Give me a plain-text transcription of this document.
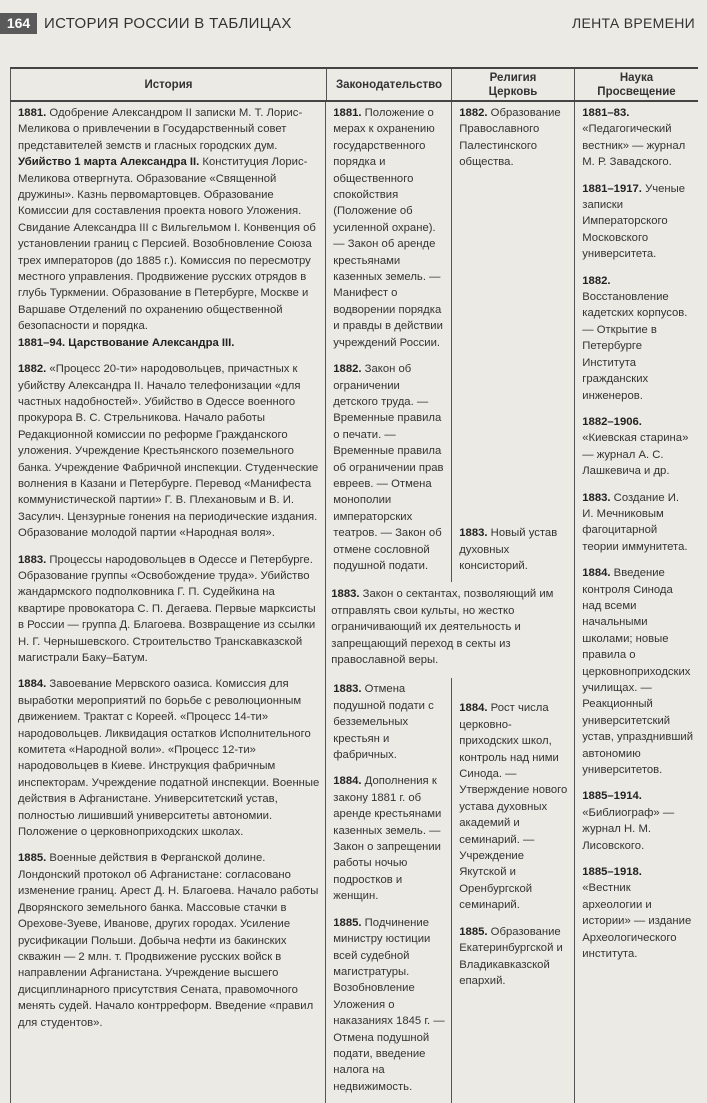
164 ИСТОРИЯ РОССИИ В ТАБЛИЦАХ	ЛЕНТА ВРЕМЕНИ
История	Законодательство
Религия
Церковь
Наука
Просвещение
1881. Одобрение Александром II записки М. Т. Лорис-Меликова о привлечении в Государственный совет представителей земств и гласных городских дум. Убийство 1 марта Александра II. Конституция Лорис-Меликова отвергнута. Образование «Священной дружины». Казнь первомартовцев. Образование Комиссии для составления проекта нового Уложения. Свидание Александра III с Вильгельмом I. Конвенция об установлении границ с Персией. Возобновление Союза трех императоров (до 1885 г.). Комиссия по пересмотру местного управления. Продвижение русских отрядов в глубь Туркмении. Образование в Петербурге, Москве и Варшаве Отделений по охранению общественной безопасности и порядка.
1881–94. Царствование Александра III.
1882. «Процесс 20-ти» народовольцев, причастных к убийству Александра II. Начало телефонизации «для частных надобностей». Убийство в Одессе военного прокурора В. С. Стрельникова. Начало работы Редакционной комиссии по реформе Гражданского уложения. Учреждение Крестьянского поземельного банка. Учреждение Фабричной инспекции. Студенческие волнения в Казани и Петербурге. Перевод «Манифеста коммунистической партии» Г. В. Плехановым и В. И. Засулич. Цензурные гонения на периодические издания. Образование молодой партии «Народная воля».
1883. Процессы народовольцев в Одессе и Петербурге. Образование группы «Освобождение труда». Убийство жандармского подполковника Г. П. Судейкина на квартире провокатора С. П. Дегаева. Первые марксисты в России — группа Д. Благоева. Возвращение из ссылки Н. Г. Чернышевского. Строительство Транскавказской магистрали Баку–Батум.
1884. Завоевание Мервского оазиса. Комиссия для выработки мероприятий по борьбе с революционным движением. Трактат с Кореей. «Процесс 14-ти» народовольцев. Ликвидация остатков Исполнительного комитета «Народной воли». «Процесс 12-ти» народовольцев в Киеве. Инструкция фабричным инспекторам. Учреждение податной инспекции. Военные действия в Афганистане. Университетский устав, полностью лишивший университеты автономии. Положение о церковноприходских школах.
1885. Военные действия в Ферганской долине. Лондонский протокол об Афганистане: согласовано изменение границ. Арест Д. Н. Благоева. Начало работы Дворянского земельного банка. Массовые стачки в Орехове-Зуеве, Иванове, других городах. Усиление русификации Польши. Добыча нефти из бакинских скважин — 2 млн. т. Продвижение русских войск в направлении Афганистана. Учреждение высшего дисциплинарного присутствия Сената, правомочного менять судей. Начало контрреформ. Введение «правил для студентов».
1881. Положение о мерах к охранению государственного порядка и общественного спокойствия (Положение об усиленной охране). — Закон об аренде крестьянами казенных земель. — Манифест о водворении порядка и правды в действии учреждений России.
1882. Закон об ограничении детского труда. — Временные правила о печати. — Временные правила об ограничении прав евреев. — Отмена монополии императорских театров. — Закон об отмене сословной подушной подати.
1882. Образование Православного Палестинского общества.
1883. Новый устав духовных консисторий.
1883. Закон о сектантах, позволяющий им отправлять свои культы, но жестко ограничивающий их деятельность и запрещающий переход в секты из православной веры.
1883. Отмена подушной подати с безземельных крестьян и фабричных.
1884. Дополнения к закону 1881 г. об аренде крестьянами казенных земель. — Закон о запрещении работы ночью подростков и женщин.
1885. Подчинение министру юстиции всей судебной магистратуры. Возобновление Уложения о наказаниях 1845 г. — Отмена подушной подати, введение налога на недвижимость.
1884. Рост числа церковно-приходских школ, контроль над ними Синода. — Утверждение нового устава духовных академий и семинарий. — Учреждение Якутской и Оренбургской семинарий.
1885. Образование Екатеринбургской и Владикавказской епархий.
1881–83. «Педагогический вестник» — журнал М. Р. Завадского.
1881–1917. Ученые записки Императорского Московского университета.
1882. Восстановление кадетских корпусов. — Открытие в Петербурге Института гражданских инженеров.
1882–1906. «Киевская старина» — журнал А. С. Лашкевича и др.
1883. Создание И. И. Мечниковым фагоцитарной теории иммунитета.
1884. Введение контроля Синода над всеми начальными школами; новые правила о церковноприходских училищах. — Реакционный университетский устав, упразднивший автономию университетов.
1885–1914.
«Библиограф» — журнал Н. М. Лисовского.
1885–1918. «Вестник археологии и истории» — издание Археологического института.
